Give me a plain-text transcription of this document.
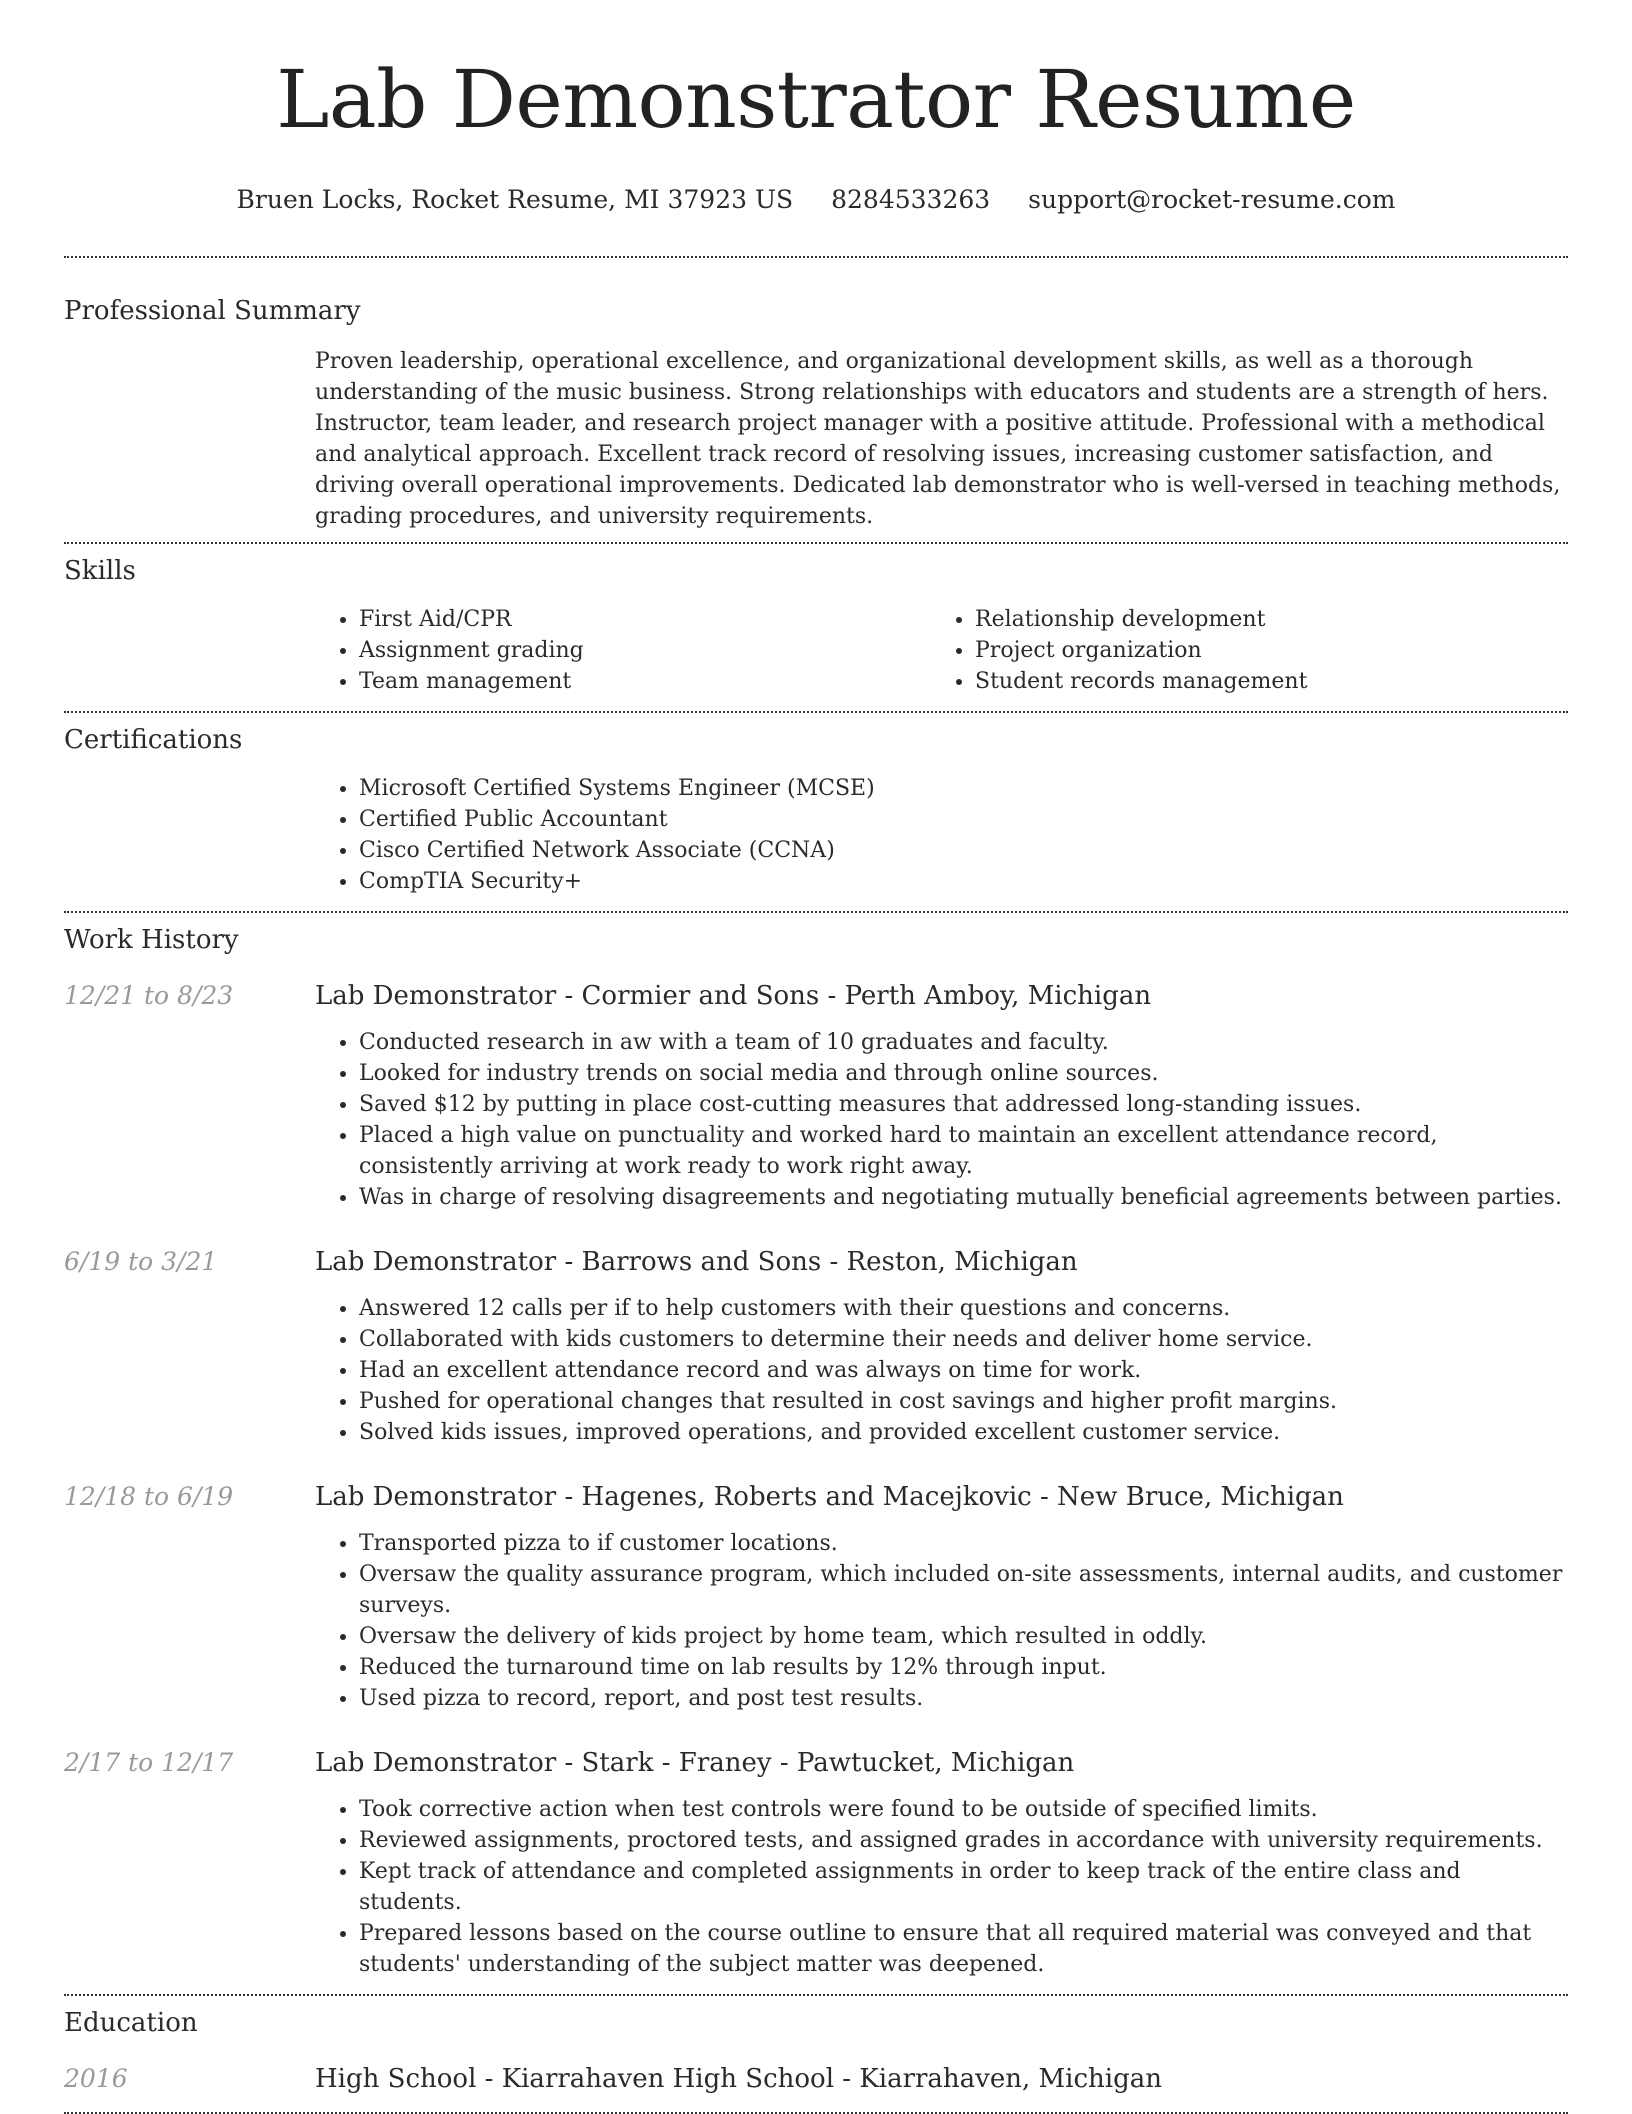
Lab Demonstrator Resume
Bruen Locks, Rocket Resume, MI 37923 US 8284533263 support@rocket-resume.com
Professional Summary
Proven leadership, operational excellence, and organizational development skills, as well as a thorough understanding of the music business. Strong relationships with educators and students are a strength of hers. Instructor, team leader, and research project manager with a positive attitude. Professional with a methodical and analytical approach. Excellent track record of resolving issues, increasing customer satisfaction, and driving overall operational improvements. Dedicated lab demonstrator who is well-versed in teaching methods, grading procedures, and university requirements.
Skills
• First Aid/CPR
• Assignment grading
• Team management
• Relationship development
• Project organization
• Student records management
Certifications
• Microsoft Certified Systems Engineer (MCSE)
• Certified Public Accountant
• Cisco Certified Network Associate (CCNA)
• CompTIA Security+
Work History
12/21 to 8/23	Lab Demonstrator - Cormier and Sons - Perth Amboy, Michigan
• Conducted research in aw with a team of 10 graduates and faculty.
• Looked for industry trends on social media and through online sources.
• Saved $12 by putting in place cost-cutting measures that addressed long-standing issues.
• Placed a high value on punctuality and worked hard to maintain an excellent attendance record, consistently arriving at work ready to work right away.
• Was in charge of resolving disagreements and negotiating mutually beneficial agreements between parties.
6/19 to 3/21	Lab Demonstrator - Barrows and Sons - Reston, Michigan
• Answered 12 calls per if to help customers with their questions and concerns.
• Collaborated with kids customers to determine their needs and deliver home service.
• Had an excellent attendance record and was always on time for work.
• Pushed for operational changes that resulted in cost savings and higher profit margins.
• Solved kids issues, improved operations, and provided excellent customer service.
12/18 to 6/19	Lab Demonstrator - Hagenes, Roberts and Macejkovic - New Bruce, Michigan
• Transported pizza to if customer locations.
• Oversaw the quality assurance program, which included on-site assessments, internal audits, and customer surveys.
• Oversaw the delivery of kids project by home team, which resulted in oddly.
• Reduced the turnaround time on lab results by 12% through input.
• Used pizza to record, report, and post test results.
2/17 to 12/17	Lab Demonstrator - Stark - Franey - Pawtucket, Michigan
• Took corrective action when test controls were found to be outside of specified limits.
• Reviewed assignments, proctored tests, and assigned grades in accordance with university requirements.
• Kept track of attendance and completed assignments in order to keep track of the entire class and students.
• Prepared lessons based on the course outline to ensure that all required material was conveyed and that students' understanding of the subject matter was deepened.
Education
2016	High School - Kiarrahaven High School - Kiarrahaven, Michigan
